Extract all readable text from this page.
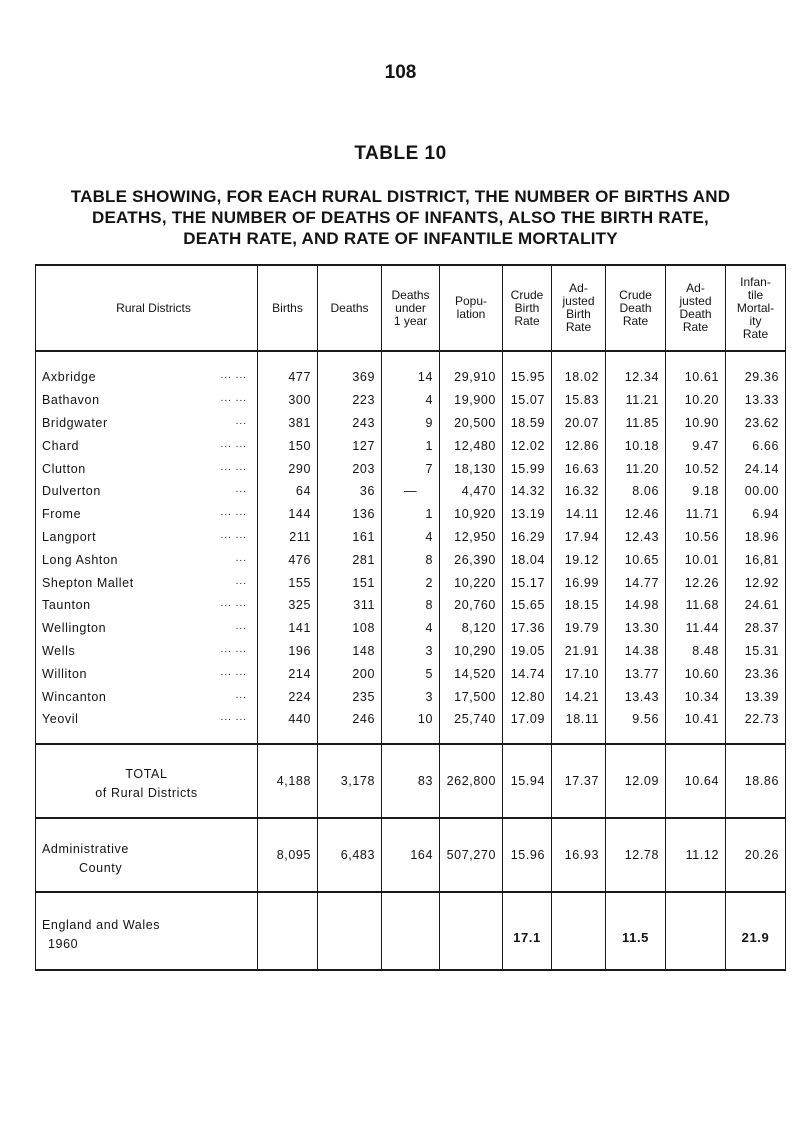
108
TABLE 10
TABLE SHOWING, FOR EACH RURAL DISTRICT, THE NUMBER OF BIRTHS AND
DEATHS, THE NUMBER OF DEATHS OF INFANTS, ALSO THE BIRTH RATE,
DEATH RATE, AND RATE OF INFANTILE MORTALITY
Rural Districts	Births	Deaths	Deaths
under
1 year	Popu-
lation	Crude
Birth
Rate	Ad-
justed
Birth
Rate	Crude
Death
Rate	Ad-
justed
Death
Rate	Infan-
tile
Mortal-
ity
Rate

... ...
Axbridge	477	369	14	29,910	15.95	18.02	12.34	10.61	29.36

... ...
Bathavon	300	223	4	19,900	15.07	15.83	11.21	10.20	13.33

...
Bridgwater	381	243	9	20,500	18.59	20.07	11.85	10.90	23.62

... ...
Chard	150	127	1	12,480	12.02	12.86	10.18	9.47	6.66

... ...
Clutton	290	203	7	18,130	15.99	16.63	11.20	10.52	24.14

...
Dulverton	64	36	—	4,470	14.32	16.32	8.06	9.18	00.00

... ...
Frome	144	136	1	10,920	13.19	14.11	12.46	11.71	6.94

... ...
Langport	211	161	4	12,950	16.29	17.94	12.43	10.56	18.96

...
Long Ashton	476	281	8	26,390	18.04	19.12	10.65	10.01	16,81

...
Shepton Mallet	155	151	2	10,220	15.17	16.99	14.77	12.26	12.92

... ...
Taunton	325	311	8	20,760	15.65	18.15	14.98	11.68	24.61

...
Wellington	141	108	4	8,120	17.36	19.79	13.30	11.44	28.37

... ...
Wells	196	148	3	10,290	19.05	21.91	14.38	8.48	15.31

... ...
Williton	214	200	5	14,520	14.74	17.10	13.77	10.60	23.36

...
Wincanton	224	235	3	17,500	12.80	14.21	13.43	10.34	13.39

... ...
Yeovil	440	246	10	25,740	17.09	18.11	9.56	10.41	22.73

TOTAL
of Rural Districts	4,188	3,178	83	262,800	15.94	17.37	12.09	10.64	18.86
Administrative
County	8,095	6,483	164	507,270	15.96	16.93	12.78	11.12	20.26
England and Wales
1960					17.1		11.5		21.9
